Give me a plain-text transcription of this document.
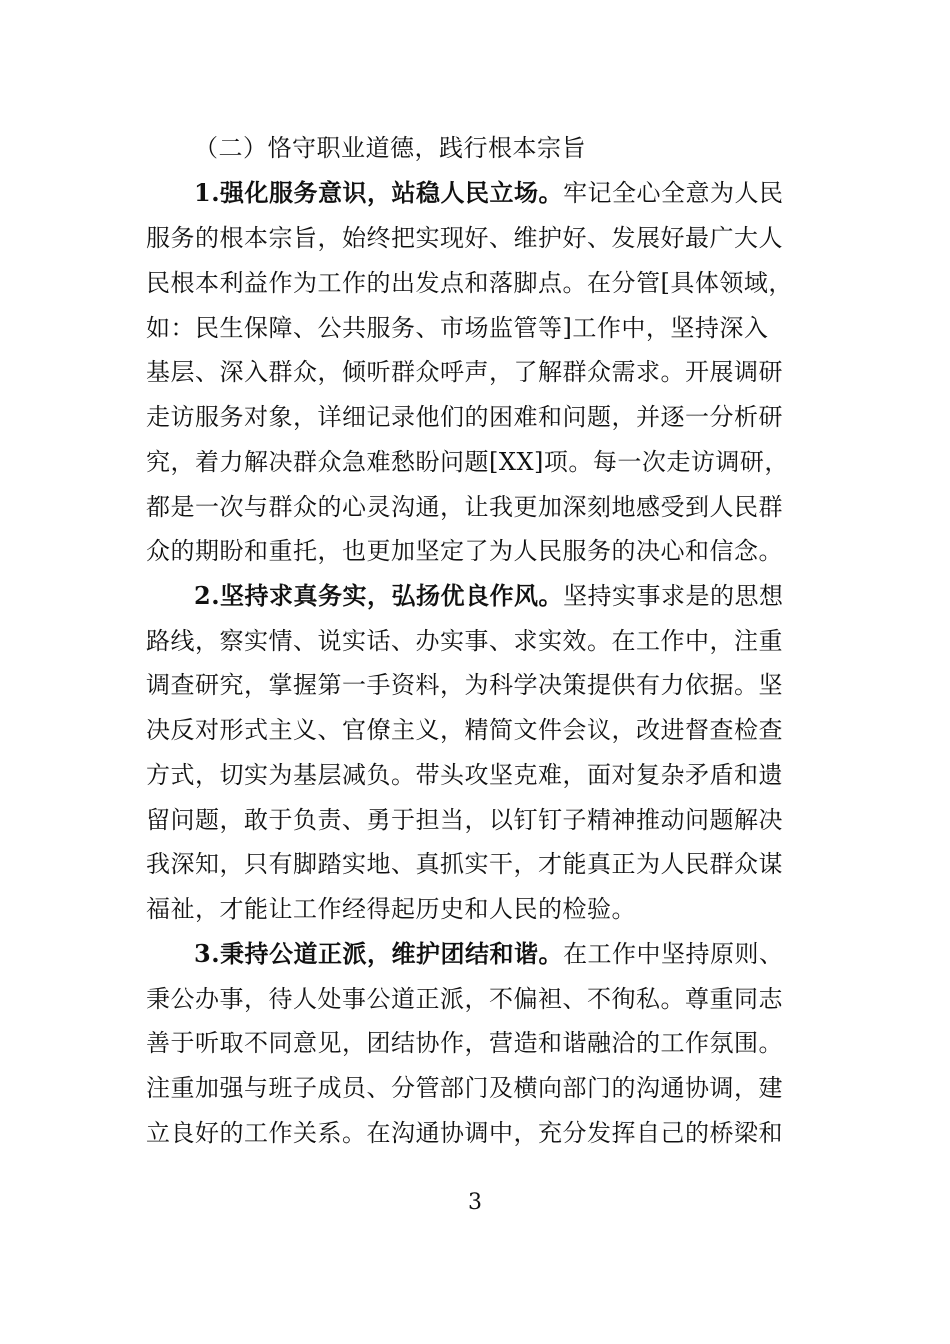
（二）恪守职业道德，践行根本宗旨
1.强化服务意识，站稳人民立场。牢记全心全意为人民
服务的根本宗旨，始终把实现好、维护好、发展好最广大人
民根本利益作为工作的出发点和落脚点。在分管[具体领域，
如：民生保障、公共服务、市场监管等]工作中，坚持深入
基层、深入群众，倾听群众呼声，了解群众需求。开展调研
走访服务对象，详细记录他们的困难和问题，并逐一分析研
究，着力解决群众急难愁盼问题[XX]项。每一次走访调研，
都是一次与群众的心灵沟通，让我更加深刻地感受到人民群
众的期盼和重托，也更加坚定了为人民服务的决心和信念。
2.坚持求真务实，弘扬优良作风。坚持实事求是的思想
路线，察实情、说实话、办实事、求实效。在工作中，注重
调查研究，掌握第一手资料，为科学决策提供有力依据。坚
决反对形式主义、官僚主义，精简文件会议，改进督查检查
方式，切实为基层减负。带头攻坚克难，面对复杂矛盾和遗
留问题，敢于负责、勇于担当，以钉钉子精神推动问题解决
我深知，只有脚踏实地、真抓实干，才能真正为人民群众谋
福祉，才能让工作经得起历史和人民的检验。
3.秉持公道正派，维护团结和谐。在工作中坚持原则、
秉公办事，待人处事公道正派，不偏袒、不徇私。尊重同志
善于听取不同意见，团结协作，营造和谐融洽的工作氛围。
注重加强与班子成员、分管部门及横向部门的沟通协调，建
立良好的工作关系。在沟通协调中，充分发挥自己的桥梁和
3
